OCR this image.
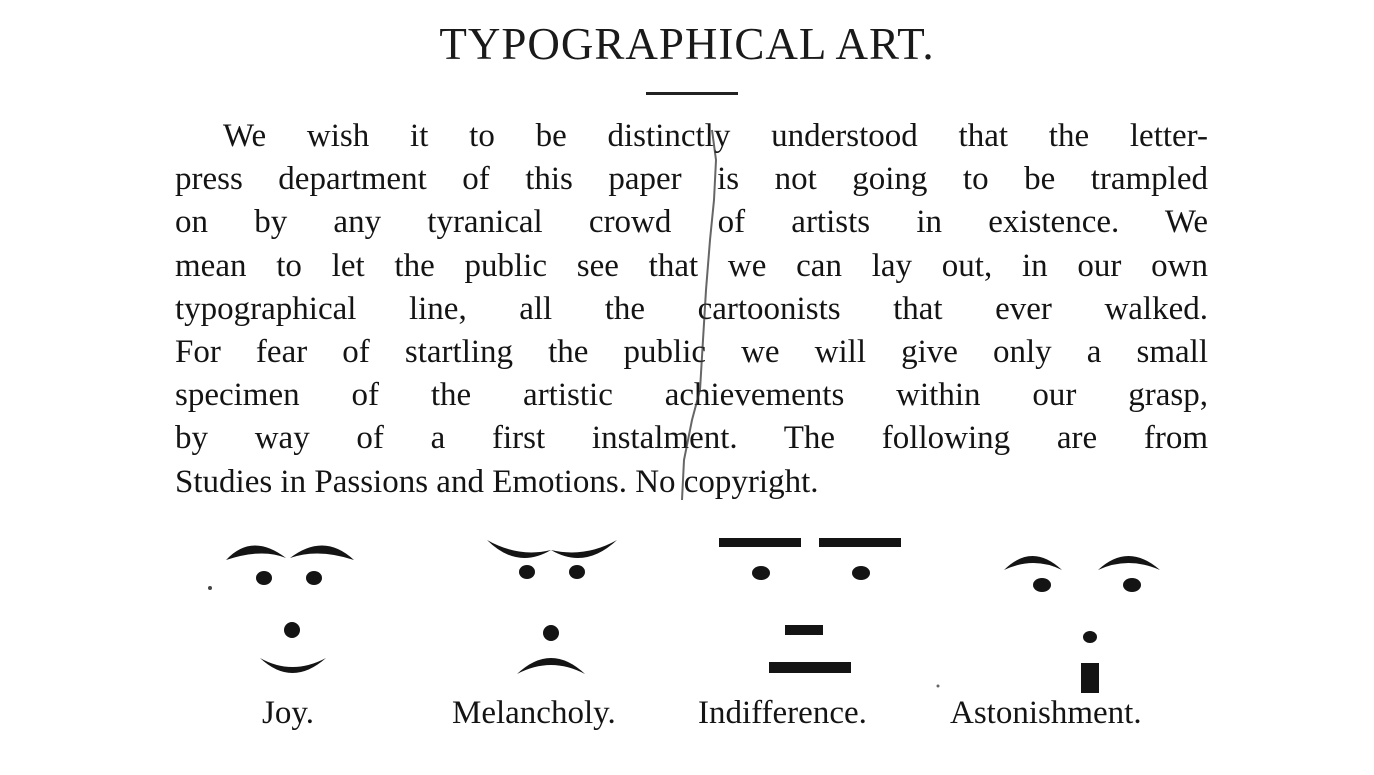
TYPOGRAPHICAL ART.
We wish it to be distinctly understood that the letter-
press department of this paper is not going to be trampled
on by any tyranical crowd of artists in existence. We
mean to let the public see that we can lay out, in our own
typographical line, all the cartoonists that ever walked.
For fear of startling the public we will give only a small
specimen of the artistic achievements within our grasp,
by way of a first instalment. The following are from
Studies in Passions and Emotions. No copyright.
Joy.	Melancholy. Indifference.	Astonishment.
